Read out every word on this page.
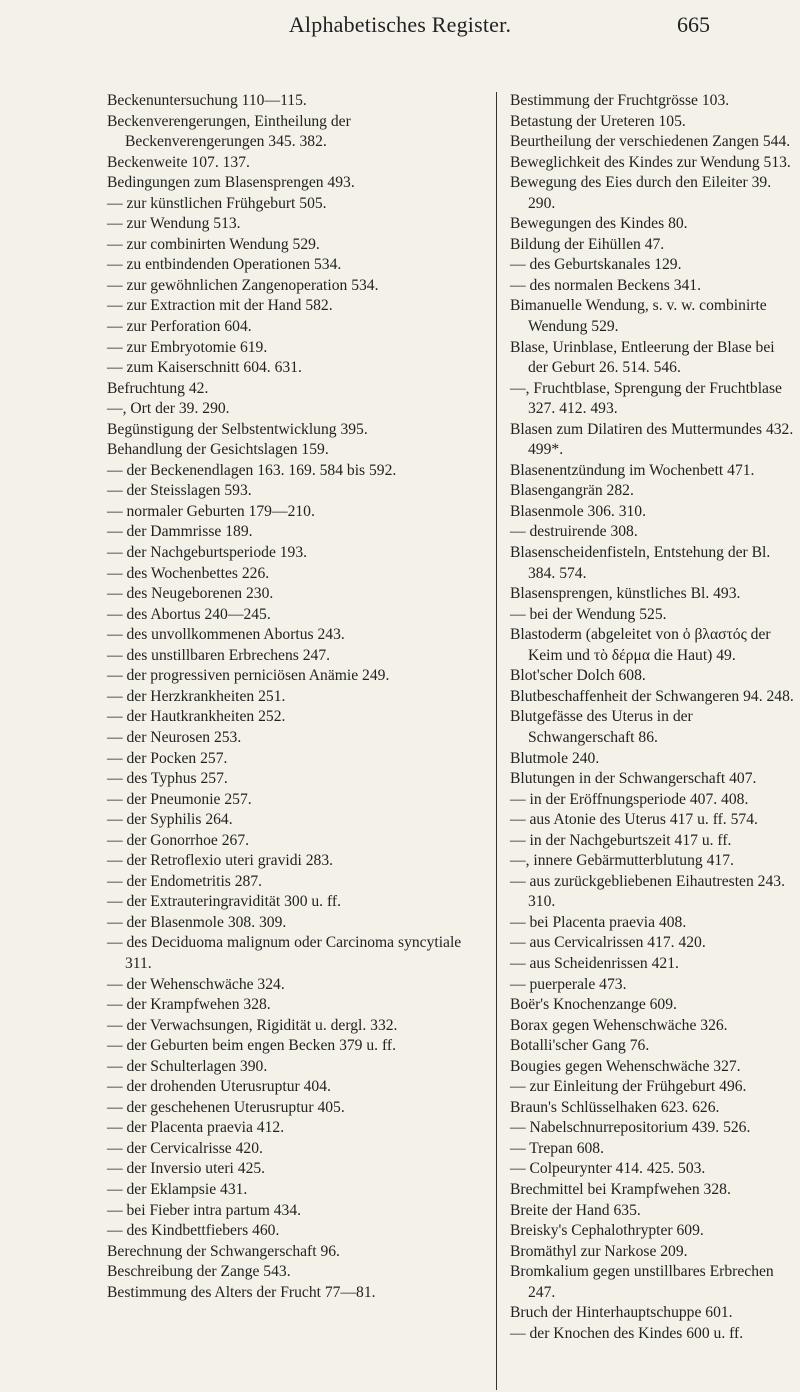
Alphabetisches Register.	665
Beckenuntersuchung 110—115.
Beckenverengerungen, Eintheilung der Beckenverengerungen 345. 382.
Beckenweite 107. 137.
Bedingungen zum Blasensprengen 493.
— zur künstlichen Frühgeburt 505.
— zur Wendung 513.
— zur combinirten Wendung 529.
— zu entbindenden Operationen 534.
— zur gewöhnlichen Zangenoperation 534.
— zur Extraction mit der Hand 582.
— zur Perforation 604.
— zur Embryotomie 619.
— zum Kaiserschnitt 604. 631.
Befruchtung 42.
—, Ort der 39. 290.
Begünstigung der Selbstentwicklung 395.
Behandlung der Gesichtslagen 159.
— der Beckenendlagen 163. 169. 584 bis 592.
— der Steisslagen 593.
— normaler Geburten 179—210.
— der Dammrisse 189.
— der Nachgeburtsperiode 193.
— des Wochenbettes 226.
— des Neugeborenen 230.
— des Abortus 240—245.
— des unvollkommenen Abortus 243.
— des unstillbaren Erbrechens 247.
— der progressiven perniciösen Anämie 249.
— der Herzkrankheiten 251.
— der Hautkrankheiten 252.
— der Neurosen 253.
— der Pocken 257.
— des Typhus 257.
— der Pneumonie 257.
— der Syphilis 264.
— der Gonorrhoe 267.
— der Retroflexio uteri gravidi 283.
— der Endometritis 287.
— der Extrauteringravidität 300 u. ff.
— der Blasenmole 308. 309.
— des Deciduoma malignum oder Carcinoma syncytiale 311.
— der Wehenschwäche 324.
— der Krampfwehen 328.
— der Verwachsungen, Rigidität u. dergl. 332.
— der Geburten beim engen Becken 379 u. ff.
— der Schulterlagen 390.
— der drohenden Uterusruptur 404.
— der geschehenen Uterusruptur 405.
— der Placenta praevia 412.
— der Cervicalrisse 420.
— der Inversio uteri 425.
— der Eklampsie 431.
— bei Fieber intra partum 434.
— des Kindbettfiebers 460.
Berechnung der Schwangerschaft 96.
Beschreibung der Zange 543.
Bestimmung des Alters der Frucht 77—81.
Bestimmung der Fruchtgrösse 103.
Betastung der Ureteren 105.
Beurtheilung der verschiedenen Zangen 544.
Beweglichkeit des Kindes zur Wendung 513.
Bewegung des Eies durch den Eileiter 39. 290.
Bewegungen des Kindes 80.
Bildung der Eihüllen 47.
— des Geburtskanales 129.
— des normalen Beckens 341.
Bimanuelle Wendung, s. v. w. combinirte Wendung 529.
Blase, Urinblase, Entleerung der Blase bei der Geburt 26. 514. 546.
—, Fruchtblase, Sprengung der Fruchtblase 327. 412. 493.
Blasen zum Dilatiren des Muttermundes 432. 499*.
Blasenentzündung im Wochenbett 471.
Blasengangrän 282.
Blasenmole 306. 310.
— destruirende 308.
Blasenscheidenfisteln, Entstehung der Bl. 384. 574.
Blasensprengen, künstliches Bl. 493.
— bei der Wendung 525.
Blastoderm (abgeleitet von ὁ βλαστός der Keim und τὸ δέρμα die Haut) 49.
Blot'scher Dolch 608.
Blutbeschaffenheit der Schwangeren 94. 248.
Blutgefässe des Uterus in der Schwangerschaft 86.
Blutmole 240.
Blutungen in der Schwangerschaft 407.
— in der Eröffnungsperiode 407. 408.
— aus Atonie des Uterus 417 u. ff. 574.
— in der Nachgeburtszeit 417 u. ff.
—, innere Gebärmutterblutung 417.
— aus zurückgebliebenen Eihautresten 243. 310.
— bei Placenta praevia 408.
— aus Cervicalrissen 417. 420.
— aus Scheidenrissen 421.
— puerperale 473.
Boër's Knochenzange 609.
Borax gegen Wehenschwäche 326.
Botalli'scher Gang 76.
Bougies gegen Wehenschwäche 327.
— zur Einleitung der Frühgeburt 496.
Braun's Schlüsselhaken 623. 626.
— Nabelschnurrepositorium 439. 526.
— Trepan 608.
— Colpeurynter 414. 425. 503.
Brechmittel bei Krampfwehen 328.
Breite der Hand 635.
Breisky's Cephalothrypter 609.
Bromäthyl zur Narkose 209.
Bromkalium gegen unstillbares Erbrechen 247.
Bruch der Hinterhauptschuppe 601.
— der Knochen des Kindes 600 u. ff.
